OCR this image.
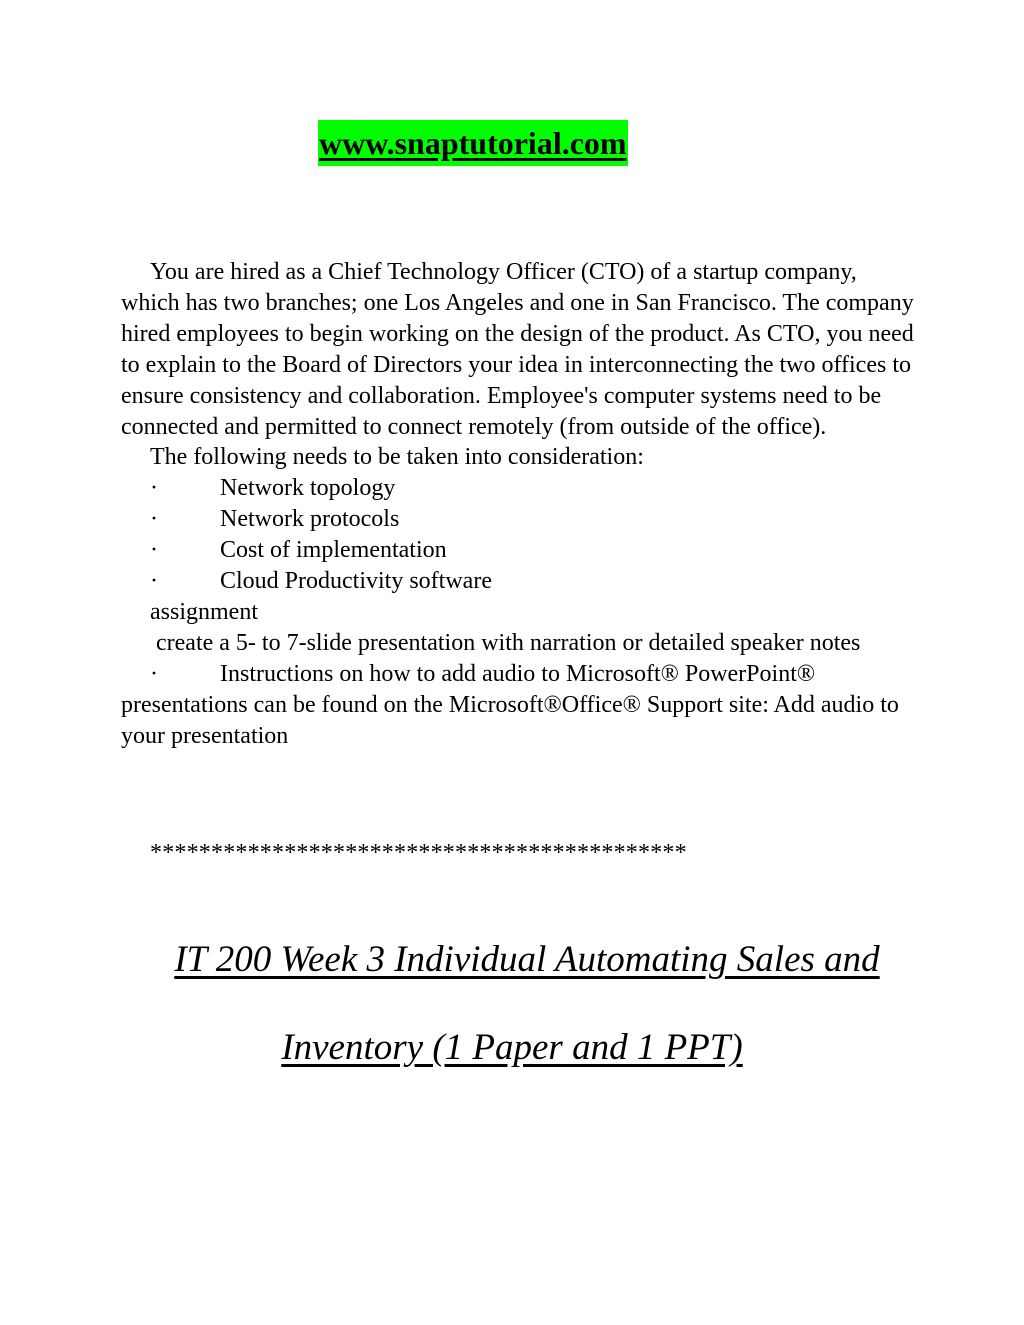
www.snaptutorial.com

You are hired as a Chief Technology Officer (CTO) of a startup company, which has two branches; one Los Angeles and one in San Francisco. The company hired employees to begin working on the design of the product. As CTO, you need to explain to the Board of Directors your idea in interconnecting the two offices to ensure consistency and collaboration. Employee's computer systems need to be connected and permitted to connect remotely (from outside of the office).

The following needs to be taken into consideration:

·	Network topology
·	Network protocols
·	Cost of implementation
·	Cloud Productivity software

assignment

create a 5- to 7-slide presentation with narration or detailed speaker notes

·	Instructions on how to add audio to Microsoft® PowerPoint® presentations can be found on the Microsoft®Office® Support site: Add audio to your presentation

********************************************
IT 200 Week 3 Individual Automating Sales and
Inventory (1 Paper and 1 PPT)
